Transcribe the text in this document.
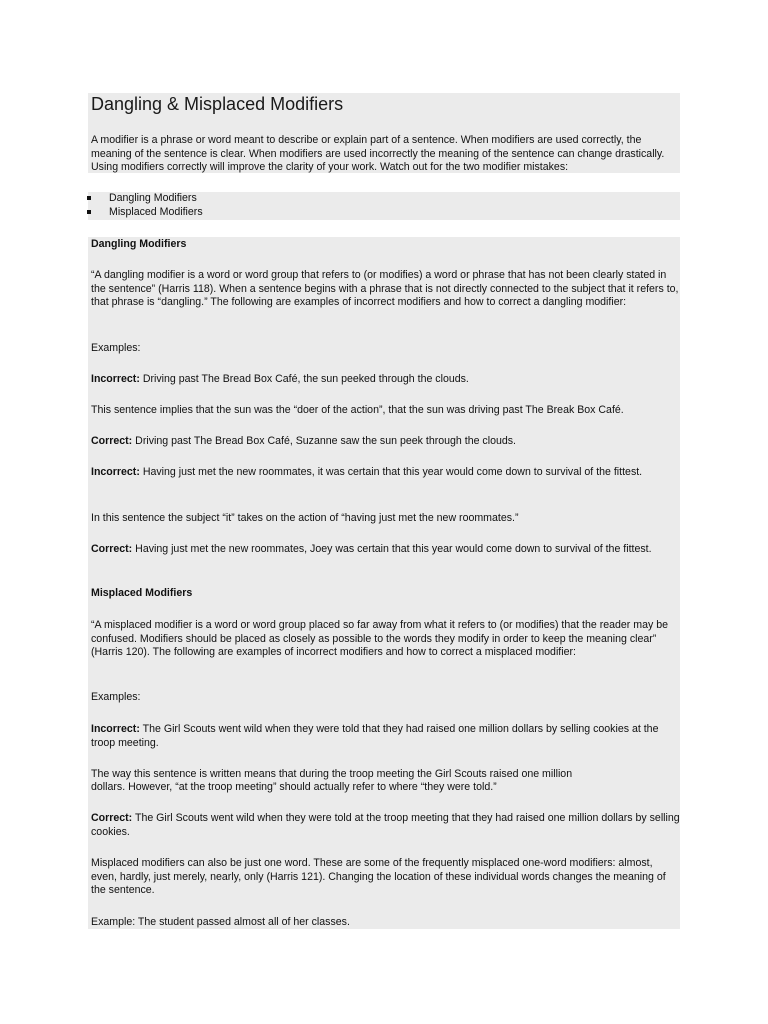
Dangling & Misplaced Modifiers

A modifier is a phrase or word meant to describe or explain part of a sentence. When modifiers are used correctly, the meaning of the sentence is clear. When modifiers are used incorrectly the meaning of the sentence can change drastically. Using modifiers correctly will improve the clarity of your work. Watch out for the two modifier mistakes:

Dangling Modifiers
Misplaced Modifiers

Dangling Modifiers

“A dangling modifier is a word or word group that refers to (or modifies) a word or phrase that has not been clearly stated in the sentence” (Harris 118). When a sentence begins with a phrase that is not directly connected to the subject that it refers to, that phrase is “dangling.” The following are examples of incorrect modifiers and how to correct a dangling modifier:

Examples:

Incorrect: Driving past The Bread Box Café, the sun peeked through the clouds.

This sentence implies that the sun was the “doer of the action”, that the sun was driving past The Break Box Café.

Correct: Driving past The Bread Box Café, Suzanne saw the sun peek through the clouds.

Incorrect: Having just met the new roommates, it was certain that this year would come down to survival of the fittest.

In this sentence the subject “it” takes on the action of “having just met the new roommates.”

Correct: Having just met the new roommates, Joey was certain that this year would come down to survival of the fittest.

Misplaced Modifiers

“A misplaced modifier is a word or word group placed so far away from what it refers to (or modifies) that the reader may be confused. Modifiers should be placed as closely as possible to the words they modify in order to keep the meaning clear” (Harris 120). The following are examples of incorrect modifiers and how to correct a misplaced modifier:

Examples:

Incorrect: The Girl Scouts went wild when they were told that they had raised one million dollars by selling cookies at the troop meeting.

The way this sentence is written means that during the troop meeting the Girl Scouts raised one million

dollars. However, “at the troop meeting” should actually refer to where “they were told.”

Correct: The Girl Scouts went wild when they were told at the troop meeting that they had raised one million dollars by selling cookies.

Misplaced modifiers can also be just one word. These are some of the frequently misplaced one-word modifiers: almost, even, hardly, just merely, nearly, only (Harris 121). Changing the location of these individual words changes the meaning of the sentence.

Example: The student passed almost all of her classes.
